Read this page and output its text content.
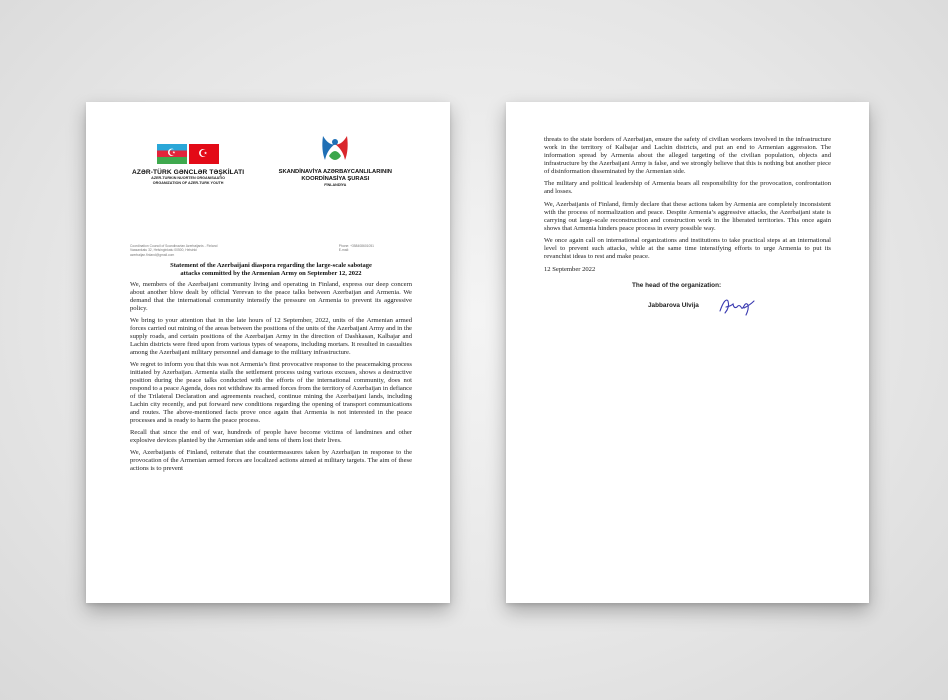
☪
☪
AZƏR-TÜRK GƏNCLƏR TƏŞKİLATI
AZER-TURKIN NUORTEN ORGANISAATIO
ORGANIZATION OF AZER-TURK YOUTH
SKANDİNAVİYA AZƏRBAYCANLILARININ
KOORDİNASİYA ŞURASI
FİNLANDİYA
Coordination Council of Scandinavian Azerbaijanis - Finland
Vaasankatu 32, Helsinginkatu 00500, Helsinki
azerbaijan.finland@gmail.com
Phone: +358408601051
E-mail:
Statement of the Azerbaijani diaspora regarding the large-scale sabotage
attacks committed by the Armenian Army on September 12, 2022

We, members of the Azerbaijani community living and operating in Finland, express our deep concern about another blow dealt by official Yerevan to the peace talks between Azerbaijan and Armenia. We demand that the international community intensify the pressure on Armenia to prevent its aggressive policy.

We bring to your attention that in the late hours of 12 September, 2022, units of the Armenian armed forces carried out mining of the areas between the positions of the units of the Azerbaijani Army and in the supply roads, and certain positions of the Azerbaijan Army in the direction of Dashkasan, Kalbajar and Lachin districts were fired upon from various types of weapons, including mortars. It resulted in casualties among the Azerbaijani military personnel and damage to the military infrastructure.

We regret to inform you that this was not Armenia’s first provocative response to the peacemaking process initiated by Azerbaijan. Armenia stalls the settlement process using various excuses, shows a destructive position during the peace talks conducted with the efforts of the international community, does not respond to a peace Agenda, does not withdraw its armed forces from the territory of Azerbaijan in defiance of the Trilateral Declaration and agreements reached, continue mining the Azerbaijani lands, including Lachin city recently, and put forward new conditions regarding the opening of transport communications and routes. The above-mentioned facts prove once again that Armenia is not interested in the peace processes and is ready to harm the peace process.

Recall that since the end of war, hundreds of people have become victims of landmines and other explosive devices planted by the Armenian side and tens of them lost their lives.

We, Azerbaijanis of Finland, reiterate that the countermeasures taken by Azerbaijan in response to the provocation of the Armenian armed forces are localized actions aimed at military targets. The aim of these actions is to prevent

threats to the state borders of Azerbaijan, ensure the safety of civilian workers involved in the infrastructure work in the territory of Kalbajar and Lachin districts, and put an end to Armenian aggression. The information spread by Armenia about the alleged targeting of the civilian population, objects and infrastructure by the Azerbaijani Army is false, and we strongly believe that this is nothing but another piece of disinformation disseminated by the Armenian side.

The military and political leadership of Armenia bears all responsibility for the provocation, confrontation and losses.

We, Azerbaijanis of Finland, firmly declare that these actions taken by Armenia are completely inconsistent with the process of normalization and peace. Despite Armenia’s aggressive attacks, the Azerbaijani state is carrying out large-scale reconstruction and construction work in the liberated territories. This once again shows that Armenia hinders peace process in every possible way.

We once again call on international organizations and institutions to take practical steps at an international level to prevent such attacks, while at the same time intensifying efforts to urge Armenia to put its revanchist ideas to rest and make peace.

12 September 2022
The head of the organization:
Jabbarova Ulvija
